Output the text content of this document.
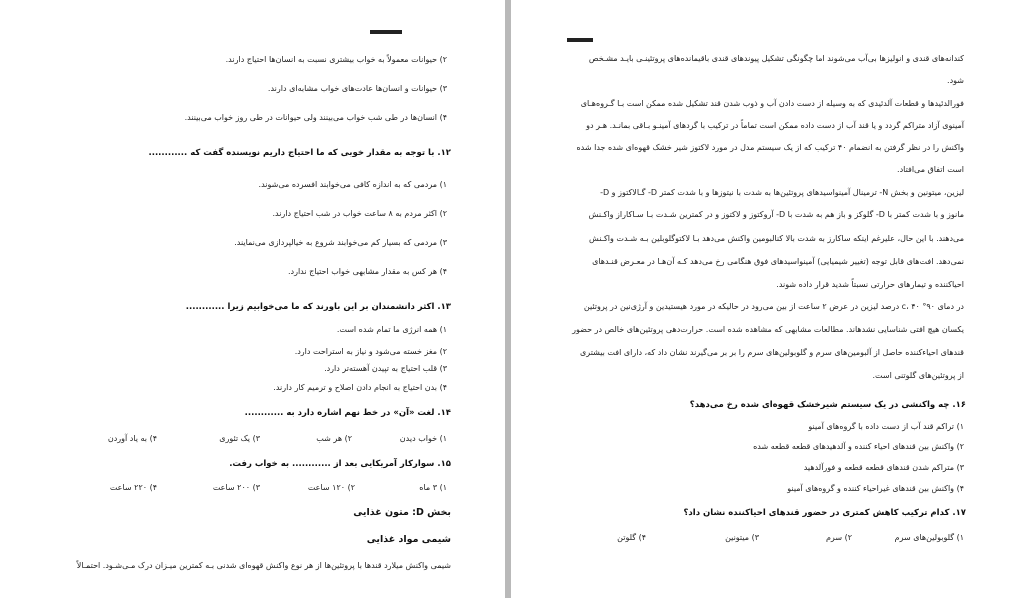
۲) حیوانات معمولاً به خواب بیشتری نسبت به انسان‌ها احتیاج دارند.
۳) حیوانات و انسان‌ها عادت‌های خواب مشابه‌ای دارند.
۴) انسان‌ها در طی شب خواب می‌بینند ولی حیوانات در طی روز خواب می‌بینند.
۱۲. با توجه به مقدار خوبی که ما احتیاج داریم نویسنده گفت که ............
۱) مردمی که به اندازه کافی می‌خوابند افسرده می‌شوند.
۲) اکثر مردم به ۸ ساعت خواب در شب احتیاج دارند.
۳) مردمی که بسیار کم می‌خوابند شروع به خیالپردازی می‌نمایند.
۴) هر کس به مقدار مشابهی خواب احتیاج ندارد.
۱۳. اکثر دانشمندان بر این باورند که ما می‌خوابیم زیرا ............
۱) همه انرژی ما تمام شده است.
۲) مغز خسته می‌شود و نیاز به استراحت دارد.
۳) قلب احتیاج به تپیدن آهسته‌تر دارد.
۴) بدن احتیاج به انجام دادن اصلاح و ترمیم کار دارند.
۱۴. لغت «آن» در خط نهم اشاره دارد به ............
۱) خواب دیدن
۲) هر شب
۳) یک تئوری
۴) به یاد آوردن
۱۵. سوارکار آمریکایی بعد از ............ به خواب رفت.
۱) ۳ ماه
۲) ۱۲۰ ساعت
۳) ۲۰۰ ساعت
۴) ۲۲۰ ساعت
بخش D: متون غذایی
شیمی مواد غذایی
شیمی واکنش میلارد قندها با پروتئین‌ها از هر نوع واکنش قهوه‌ای شدنی بـه کمترین میـزان درک مـی‌شـود. احتمـالاً
کندانه‌های قندی و انولیزها بی‌آب می‌شوند اما چگونگی تشکیل پیوندهای قندی باقیمانده‌های پروتئینـی بایـد مشـخص
شود.
فورالدئیدها و قطعات آلدئیدی که به وسیله از دست دادن آب و ذوب شدن قند تشکیل شده ممکن است بـا گـروه‌هـای
آمینوی آزاد متراکم گردد و یا قند آب از دست داده ممکن است تماماً در ترکیب با گردهای آمینـو بـاقی بمانـد. هـر دو
واکنش را در نظر گرفتن به انضمام ۴۰ ترکیب که از یک سیستم مدل در مورد لاکتوز شیر خشک قهوه‌ای شده جدا شده
است اتفاق می‌افتاد.
لیزین، میتونین و بخش N- ترمینال آمینواسیدهای پروتئین‌ها به شدت با نیتوزها و با شدت کمتر D- گـالاکتوز و D-
مانوز و با شدت کمتر با D- گلوکز و باز هم به شدت با D- آروکتوز و لاکتوز و در کمترین شـدت بـا سـاکاراز واکـنش
می‌دهند. با این حال، علیرغم اینکه ساکارز به شدت بالا کنالبومین واکنش می‌دهد بـا لاکتوگلوبلین بـه شـدت واکـنش
نمی‌دهد. افت‌های قابل توجه (تغییر شیمیایی) آمینواسیدهای فوق هنگامی رخ می‌دهد کـه آن‌هـا در معـرض قنـدهای
احیاکننده و تیمارهای حرارتی نسبتاً شدید قرار داده شوند.
در دمای ۹۰° c، ۴۰ درصد لیزین در عرض ۲ ساعت از بین می‌رود در حالیکه در مورد هیستیدین و آرژی‌نین در پروتئین
یکسان هیچ افتی شناسایی نشدهاند. مطالعات مشابهی که مشاهده شده است. حرارت‌دهی پروتئین‌های خالص در حضور
قندهای احیاءکننده حاصل از آلبومین‌های سرم و گلوبولین‌های سرم را بر بر می‌گیرند نشان داد که، دارای افت بیشتری
از پروتئین‌های گلوتنی است.
۱۶. چه واکنشی در یک سیستم شیرخشک قهوه‌ای شده رخ می‌دهد؟
۱) تراکم قند آب از دست داده با گروه‌های آمینو
۲) واکنش بین قندهای احیاء کننده و آلدهیدهای قطعه قطعه شده
۳) متراکم شدن قندهای قطعه قطعه و فورآلدهید
۴) واکنش بین قندهای غیراحیاء کننده و گروه‌های آمینو
۱۷. کدام ترکیب کاهش کمتری در حضور قندهای احیاکننده نشان داد؟
۱) گلوبولین‌های سرم
۲) سرم
۳) میتونین
۴) گلوتن
